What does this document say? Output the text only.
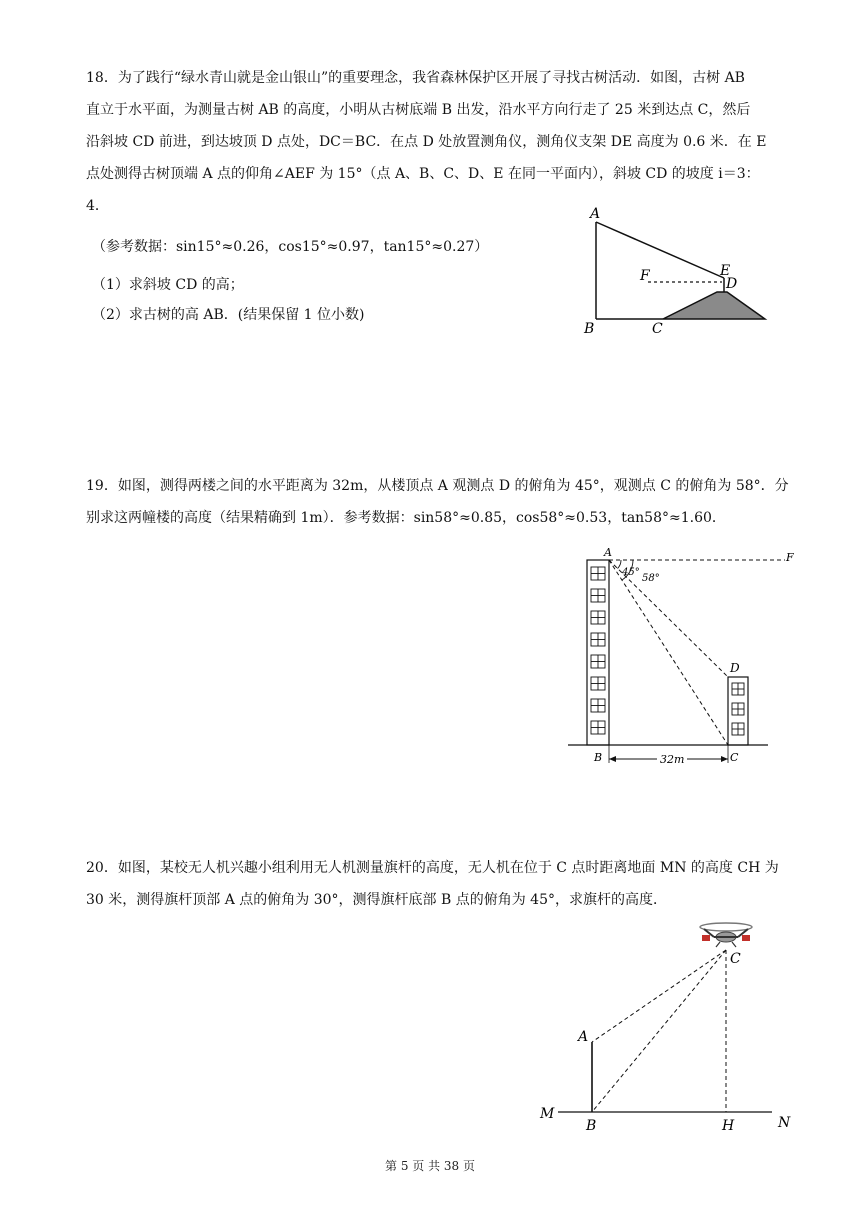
18．为了践行“绿水青山就是金山银山”的重要理念，我省森林保护区开展了寻找古树活动．如图，古树 AB
直立于水平面，为测量古树 AB 的高度，小明从古树底端 B 出发，沿水平方向行走了 25 米到达点 C，然后
沿斜坡 CD 前进，到达坡顶 D 点处，DC＝BC．在点 D 处放置测角仪，测角仪支架 DE 高度为 0.6 米．在 E
点处测得古树顶端 A 点的仰角∠AEF 为 15°（点 A、B、C、D、E 在同一平面内），斜坡 CD 的坡度 i＝3：
4．
（参考数据：sin15°≈0.26，cos15°≈0.97，tan15°≈0.27）
（1）求斜坡 CD 的高；
（2）求古树的高 AB．(结果保留 1 位小数)
A
F	E
D
B	C
19．如图，测得两楼之间的水平距离为 32m，从楼顶点 A 观测点 D 的俯角为 45°，观测点 C 的俯角为 58°．分
别求这两幢楼的高度（结果精确到 1m）．参考数据：sin58°≈0.85，cos58°≈0.53，tan58°≈1.60．
45°
58°
32m
A	F
D
B	C
20．如图，某校无人机兴趣小组利用无人机测量旗杆的高度，无人机在位于 C 点时距离地面 MN 的高度 CH 为
30 米，测得旗杆顶部 A 点的俯角为 30°，测得旗杆底部 B 点的俯角为 45°，求旗杆的高度．
C
A
M
B	H	N
第 5 页 共 38 页
